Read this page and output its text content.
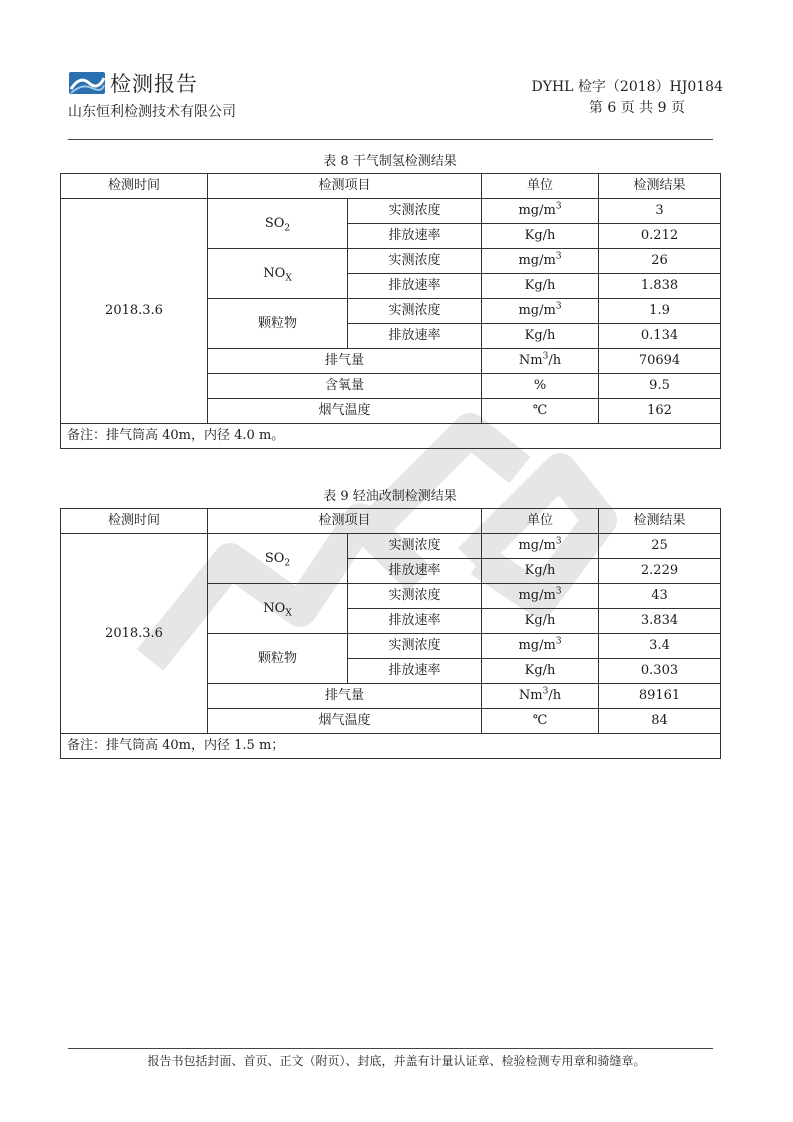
检测报告
山东恒利检测技术有限公司
DYHL 检字（2018）HJ0184
第 6 页 共 9 页
表 8 干气制氢检测结果
检测时间	检测项目		单位	检测结果
2018.3.6	$SO_2$	实测浓度	$mg/m^3$	3
		排放速率	Kg/h	0.212
	$NO_X$	实测浓度	$mg/m^3$	26
		排放速率	Kg/h	1.838
	颗粒物	实测浓度	$mg/m^3$	1.9
		排放速率	Kg/h	0.134
	排气量		Nm$^3$/h	70694
	含氧量		%	9.5
	烟气温度		℃	162
备注：排气筒高 40m，内径 4.0 m。				
表 9 轻油改制检测结果
检测时间	检测项目		单位	检测结果
2018.3.6	$SO_2$	实测浓度	$mg/m^3$	25
		排放速率	Kg/h	2.229
	$NO_X$	实测浓度	$mg/m^3$	43
		排放速率	Kg/h	3.834
	颗粒物	实测浓度	$mg/m^3$	3.4
		排放速率	Kg/h	0.303
	排气量		Nm$^3$/h	89161
	烟气温度		℃	84
备注：排气筒高 40m，内径 1.5 m；				
报告书包括封面、首页、正文（附页）、封底，并盖有计量认证章、检验检测专用章和骑缝章。
